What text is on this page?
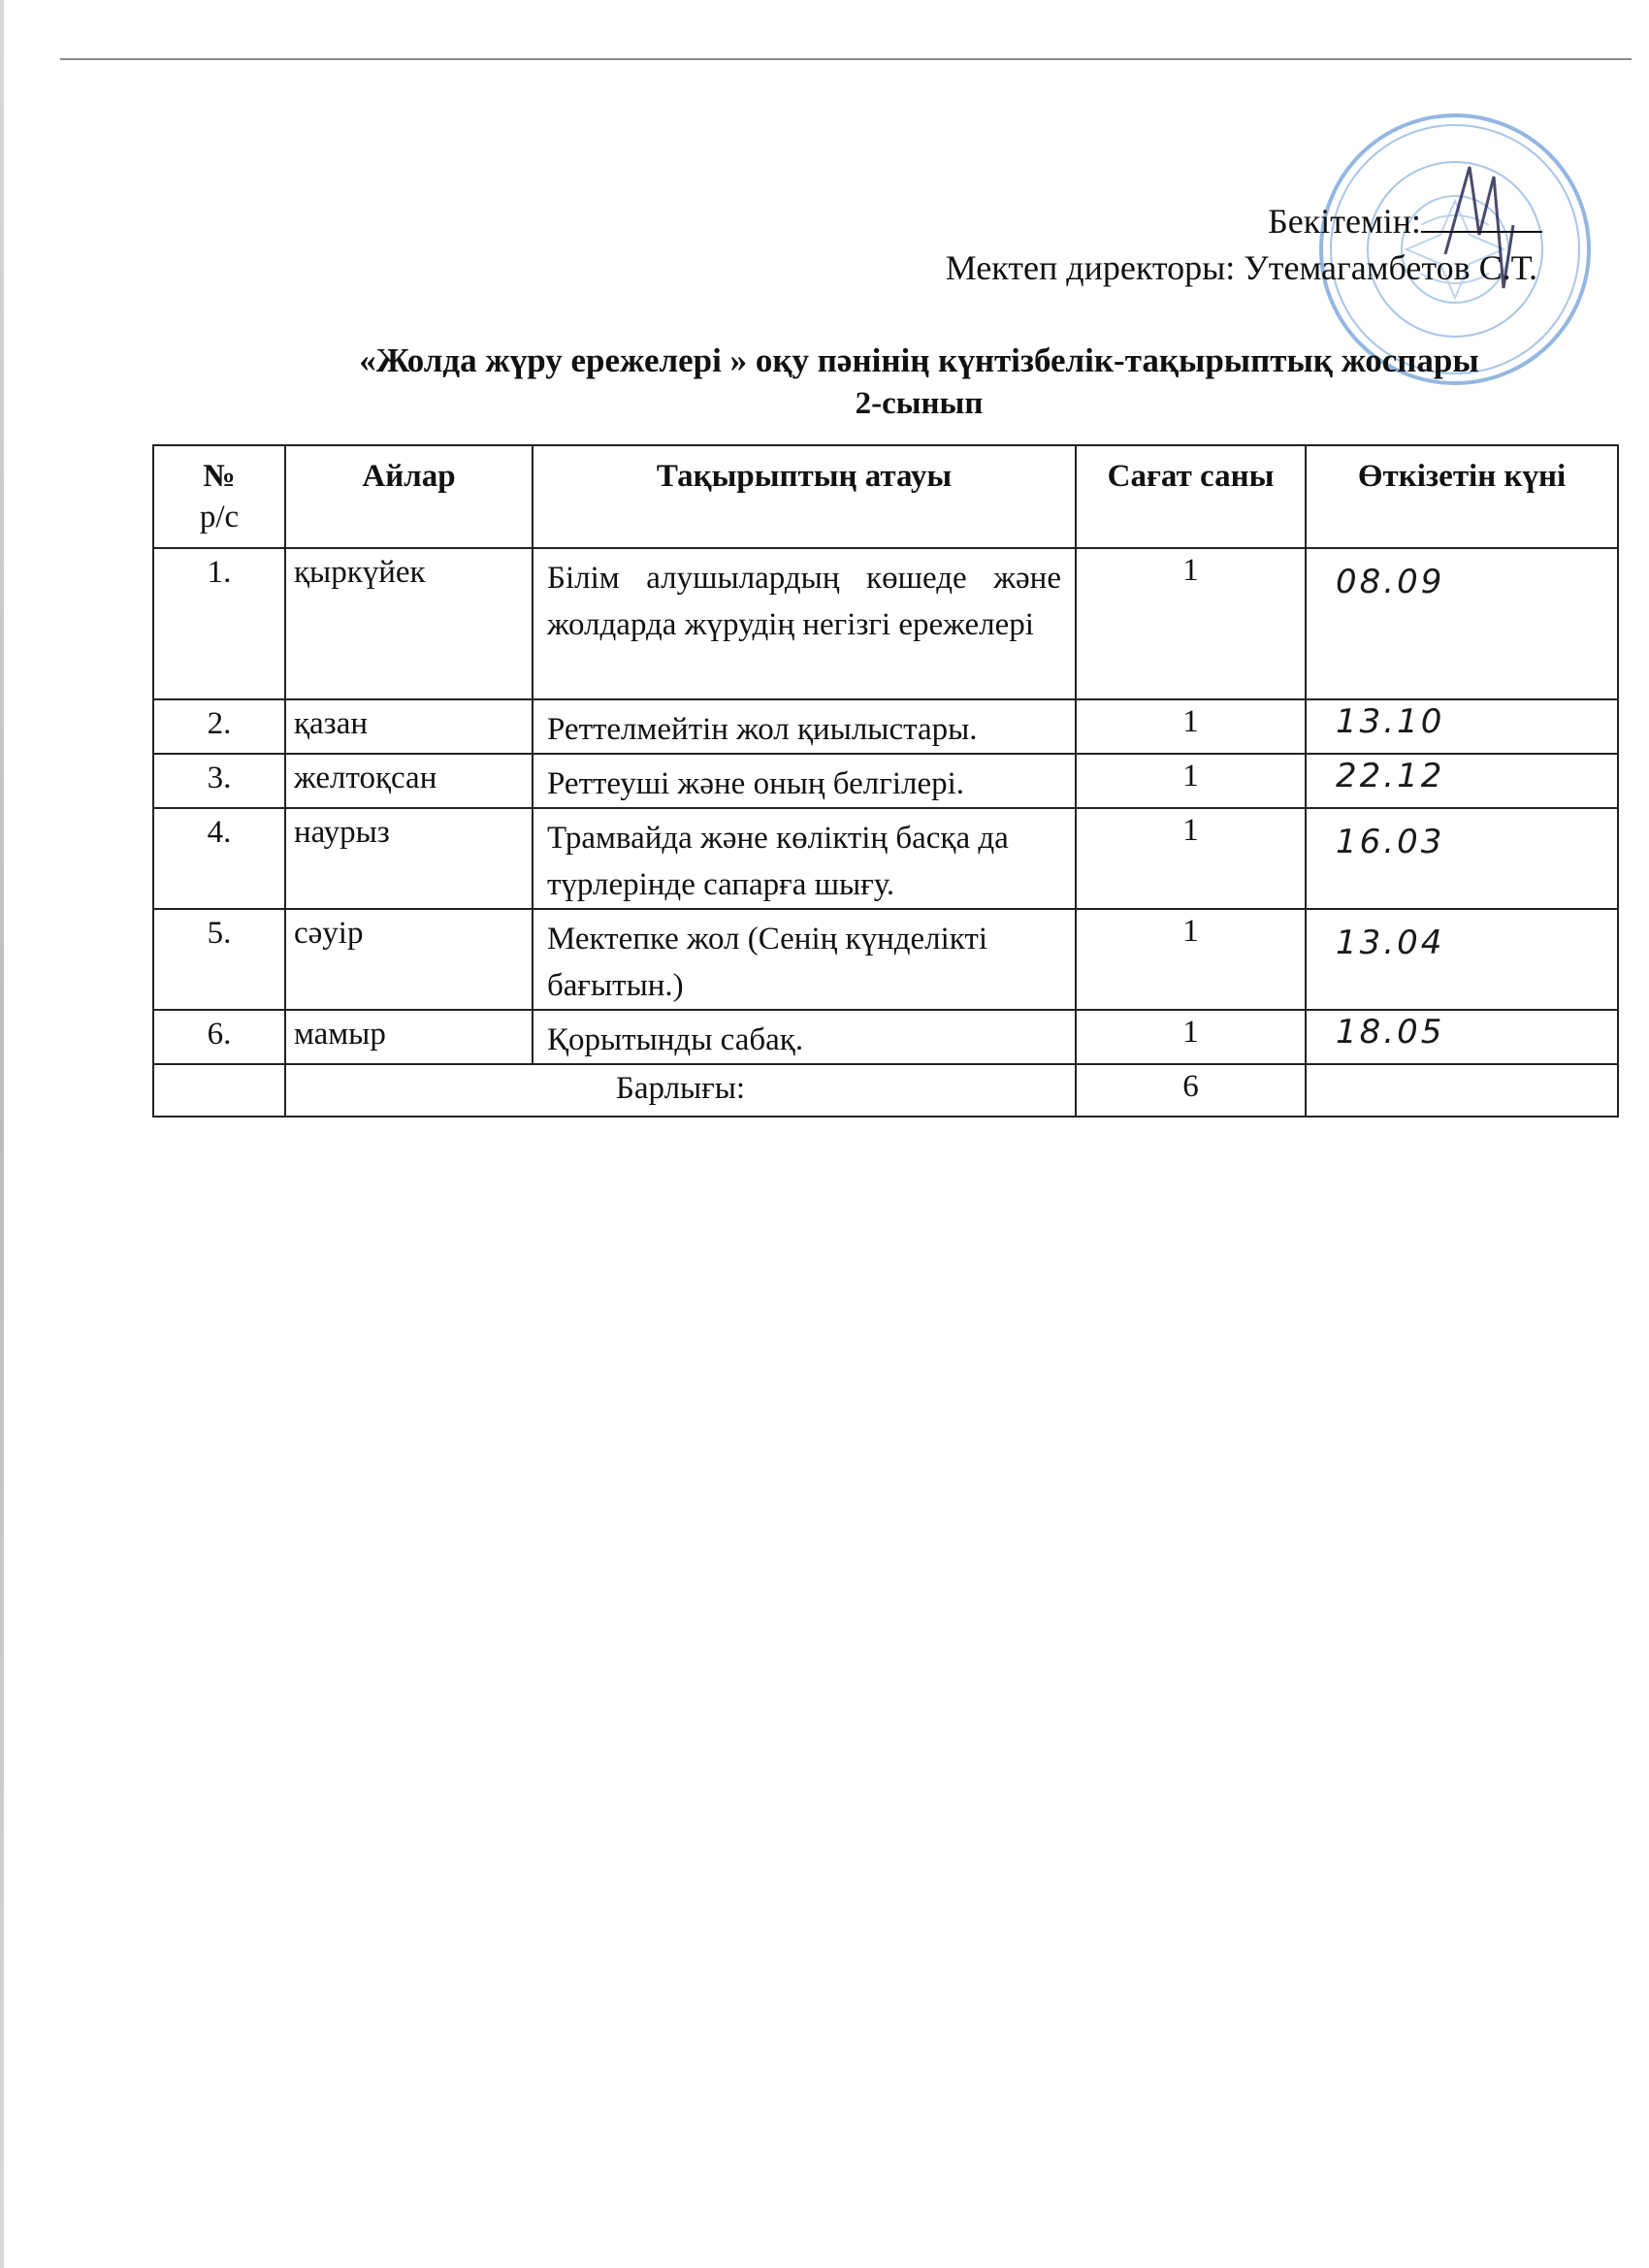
Бекітемін:
Мектеп директоры: Утемагамбетов С.Т.
«Жолда жүру ережелері » оқу пәнінің күнтізбелік-тақырыптық жоспары
2-сынып
№
р/с	Айлар	Тақырыптың атауы	Сағат саны	Өткізетін күні
1.	қыркүйек	Білім алушылардың көшеде және жолдарда жүрудің негізгі ережелері	1	08.09
2.	қазан	Реттелмейтін жол қиылыстары.	1	13.10
3.	желтоқсан	Реттеуші және оның белгілері.	1	22.12
4.	наурыз	Трамвайда және көліктің басқа да түрлерінде сапарға шығу.	1	16.03
5.	сәуір	Мектепке жол (Сенің күнделікті бағытын.)	1	13.04
6.	мамыр	Қорытынды сабақ.	1	18.05
	Барлығы:		6	
